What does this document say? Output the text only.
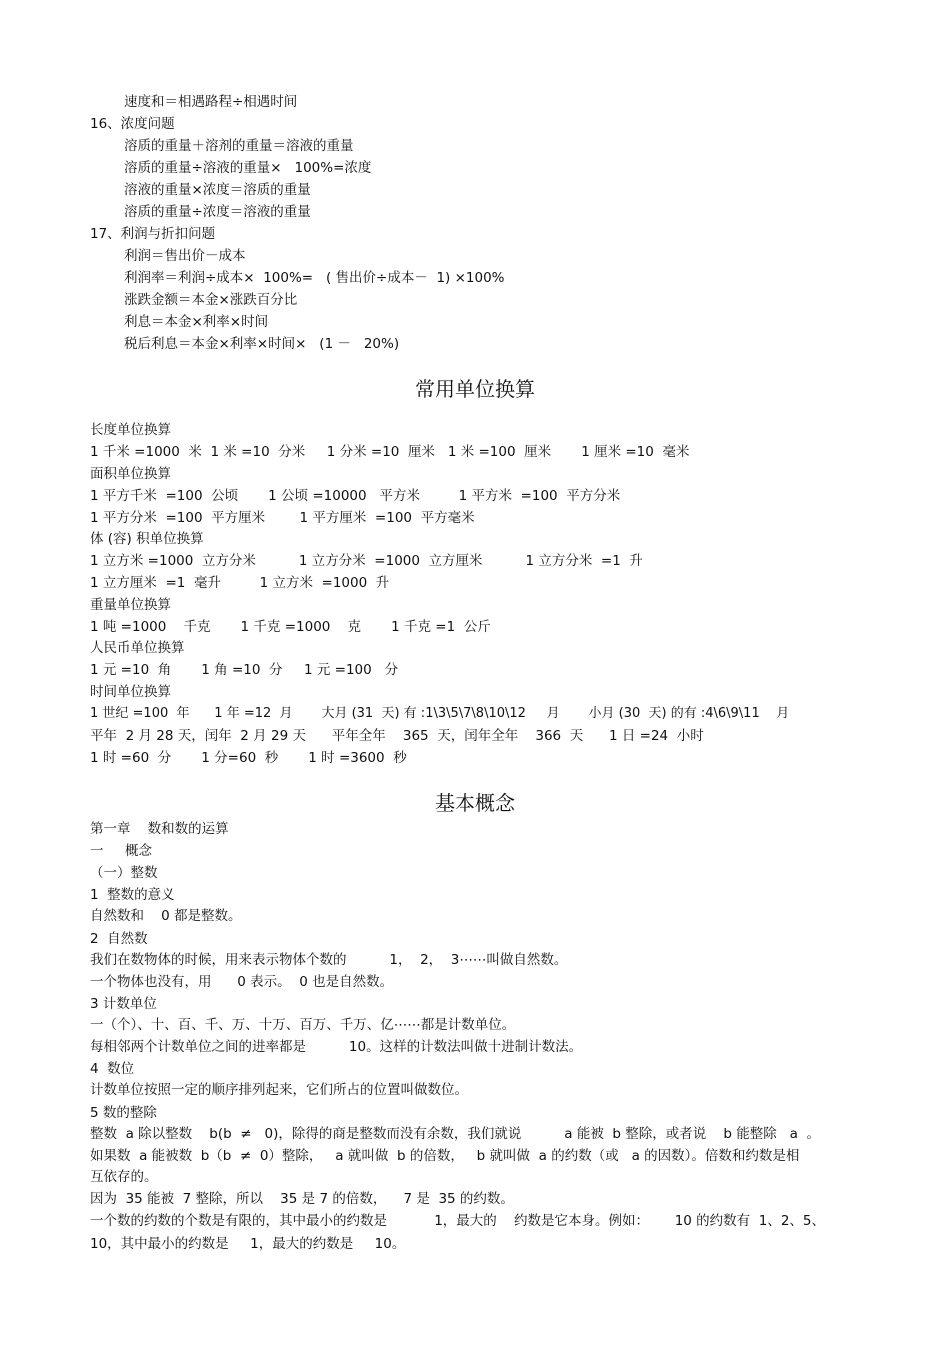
速度和＝相遇路程÷相遇时间
16、浓度问题
溶质的重量＋溶剂的重量＝溶液的重量
溶质的重量÷溶液的重量×   100%=浓度
溶液的重量×浓度＝溶质的重量
溶质的重量÷浓度＝溶液的重量
17、利润与折扣问题
利润＝售出价－成本
利润率＝利润÷成本×  100%=   ( 售出价÷成本－  1) ×100%
涨跌金额＝本金×涨跌百分比
利息＝本金×利率×时间
税后利息＝本金×利率×时间×   (1 －   20%)
常用单位换算
长度单位换算
1 千米 =1000  米  1 米 =10  分米     1 分米 =10  厘米   1 米 =100  厘米       1 厘米 =10  毫米
面积单位换算
1 平方千米  =100  公顷       1 公顷 =10000   平方米         1 平方米  =100  平方分米
1 平方分米  =100  平方厘米        1 平方厘米  =100  平方毫米
体 (容) 积单位换算
1 立方米 =1000  立方分米          1 立方分米  =1000  立方厘米          1 立方分米  =1  升
1 立方厘米  =1  毫升         1 立方米  =1000  升
重量单位换算
1 吨 =1000    千克       1 千克 =1000    克       1 千克 =1  公斤
人民币单位换算
1 元 =10  角       1 角 =10  分     1 元 =100   分
时间单位换算
1 世纪 =100  年      1 年 =12  月       大月 (31  天) 有 :1\3\5\7\8\10\12     月       小月 (30  天) 的有 :4\6\9\11    月
平年  2 月 28 天，闰年  2 月 29 天      平年全年    365  天，闰年全年    366  天      1 日 =24  小时
1 时 =60  分       1 分=60  秒       1 时 =3600  秒
基本概念
第一章    数和数的运算
一     概念
（一）整数
1  整数的意义
自然数和    0 都是整数。
2  自然数
我们在数物体的时候，用来表示物体个数的          1，  2，  3⋯⋯叫做自然数。
一个物体也没有，用      0 表示。  0 也是自然数。
3 计数单位
一（个）、十、百、千、万、十万、百万、千万、亿⋯⋯都是计数单位。
每相邻两个计数单位之间的进率都是          10。这样的计数法叫做十进制计数法。
4  数位
计数单位按照一定的顺序排列起来，它们所占的位置叫做数位。
5 数的整除
整数  a 除以整数    b(b  ≠   0)，除得的商是整数而没有余数，我们就说          a 能被  b 整除，或者说    b 能整除   a  。
如果数  a 能被数  b（b  ≠  0）整除，   a 就叫做  b 的倍数，   b 就叫做  a 的约数（或   a 的因数）。倍数和约数是相
互依存的。
因为  35 能被  7 整除，所以    35 是 7 的倍数，    7 是  35 的约数。
一个数的约数的个数是有限的，其中最小的约数是           1，最大的    约数是它本身。例如：      10 的约数有  1、2、5、
10，其中最小的约数是     1，最大的约数是     10。
